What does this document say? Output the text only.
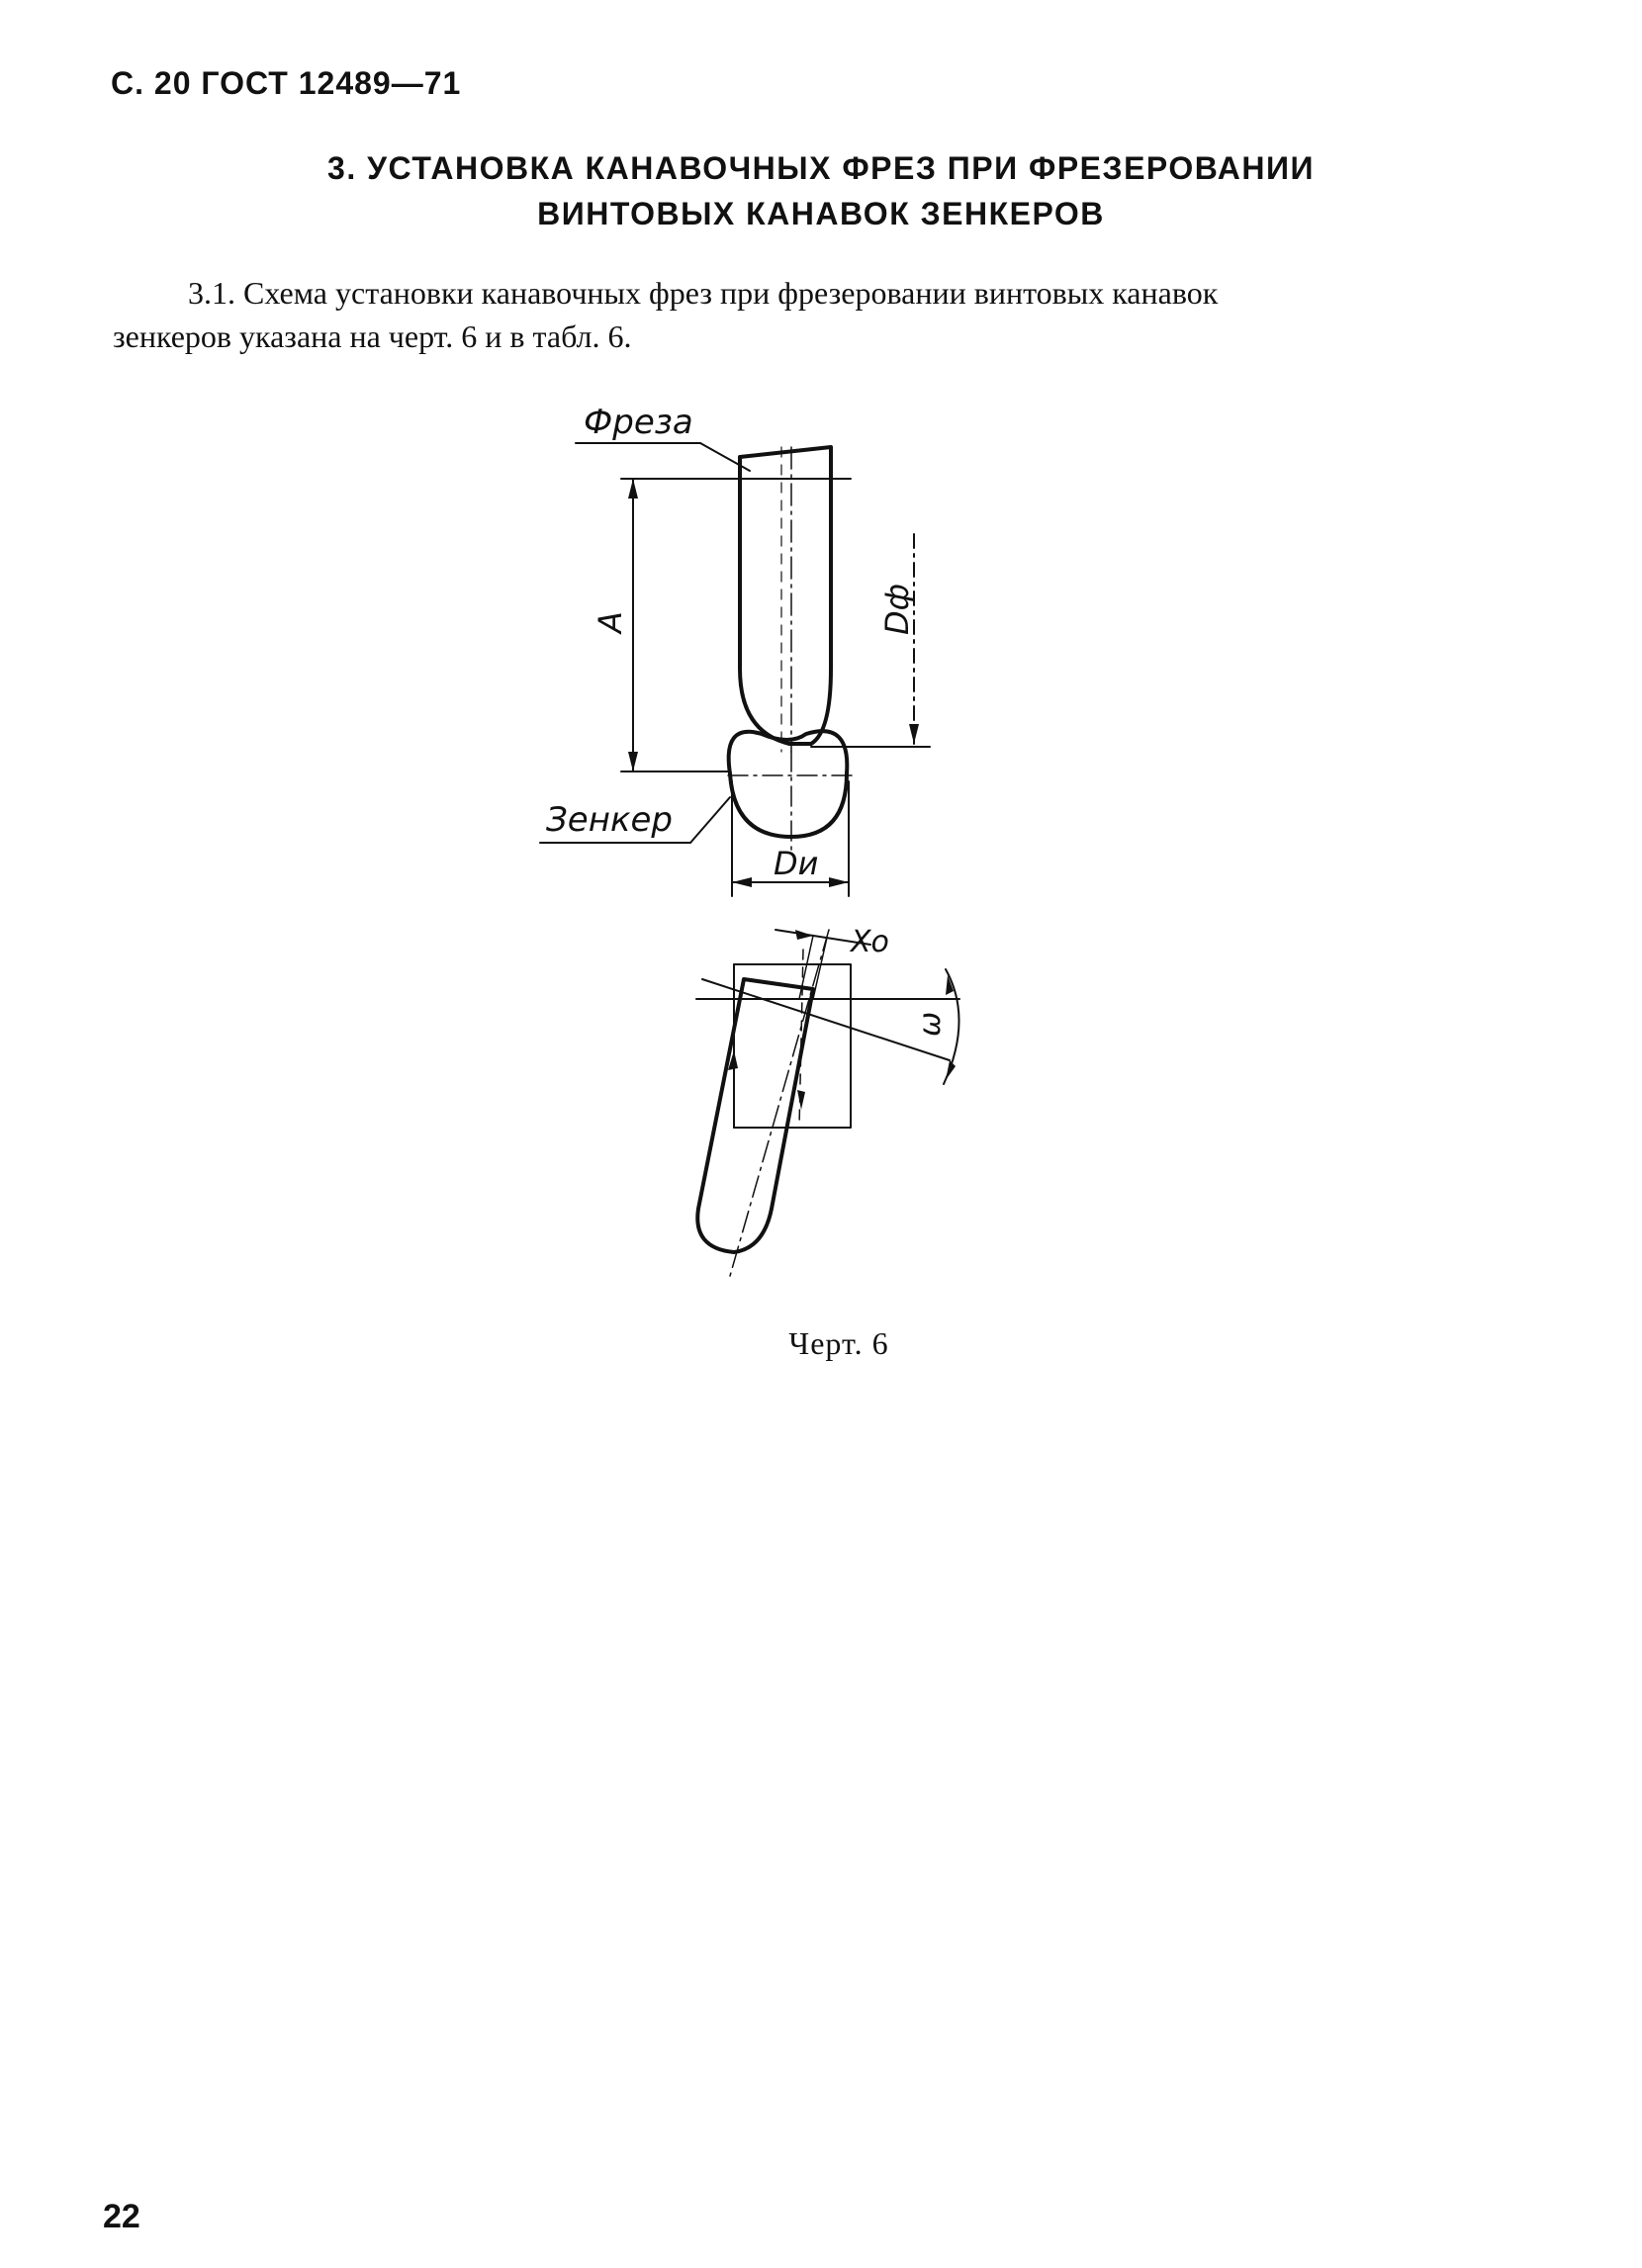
С. 20 ГОСТ 12489—71
3. УСТАНОВКА КАНАВОЧНЫХ ФРЕЗ ПРИ ФРЕЗЕРОВАНИИ
ВИНТОВЫХ КАНАВОК ЗЕНКЕРОВ
3.1. Схема установки канавочных фрез при фрезеровании винтовых канавок
зенкеров указана на черт. 6 и в табл. 6.
Фреза
Зенкер
A	Dф
Dи
Xo
ω
Черт. 6
22
